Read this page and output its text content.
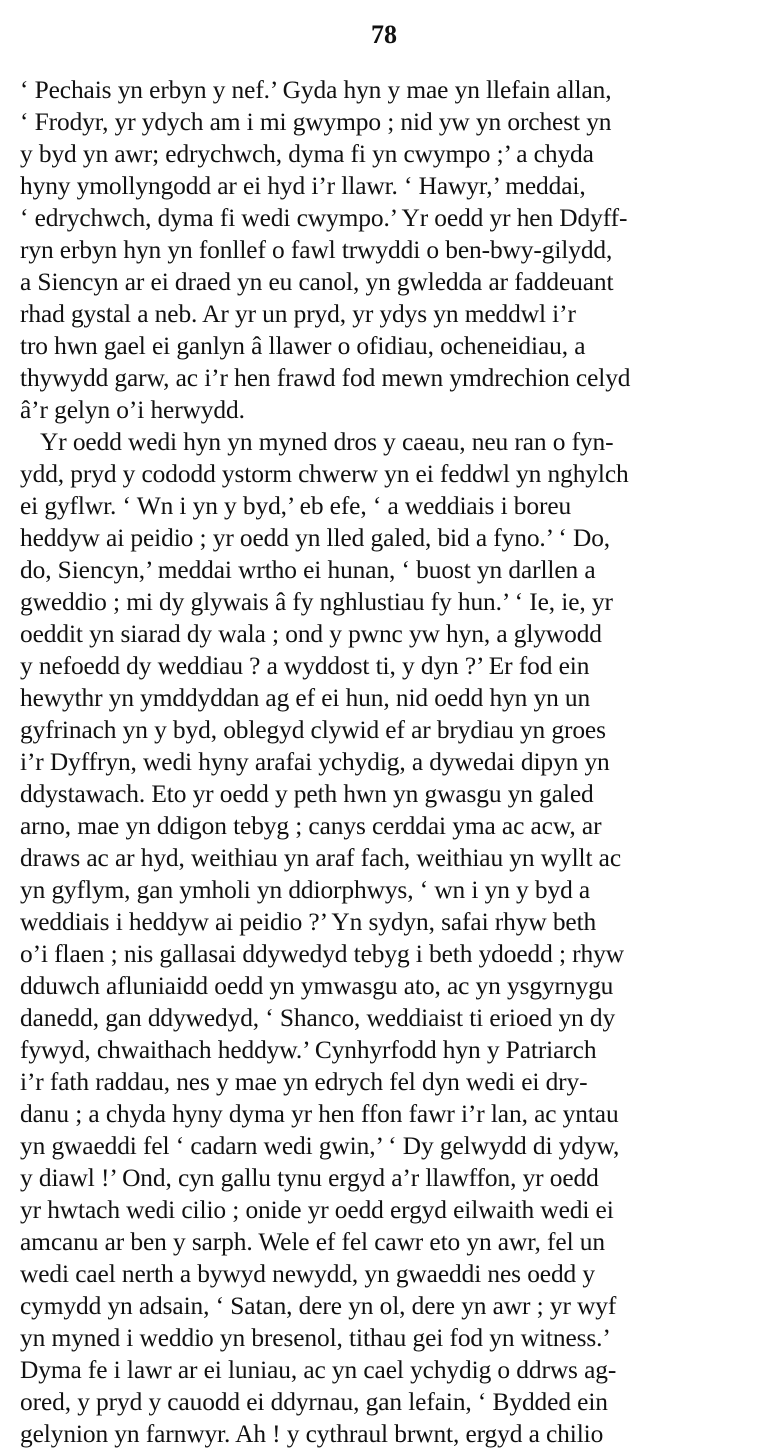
78
‘ Pechais yn erbyn y nef.’ Gyda hyn y mae yn llefain allan,
‘ Frodyr, yr ydych am i mi gwympo ; nid yw yn orchest yn
y byd yn awr; edrychwch, dyma fi yn cwympo ;’ a chyda
hyny ymollyngodd ar ei hyd i’r llawr. ‘ Hawyr,’ meddai,
‘ edrychwch, dyma fi wedi cwympo.’ Yr oedd yr hen Ddyff-
ryn erbyn hyn yn fonllef o fawl trwyddi o ben-bwy-gilydd,
a Siencyn ar ei draed yn eu canol, yn gwledda ar faddeuant
rhad gystal a neb. Ar yr un pryd, yr ydys yn meddwl i’r
tro hwn gael ei ganlyn â llawer o ofidiau, ocheneidiau, a
thywydd garw, ac i’r hen frawd fod mewn ymdrechion celyd
â’r gelyn o’i herwydd.
Yr oedd wedi hyn yn myned dros y caeau, neu ran o fyn-
ydd, pryd y cododd ystorm chwerw yn ei feddwl yn nghylch
ei gyflwr. ‘ Wn i yn y byd,’ eb efe, ‘ a weddiais i boreu
heddyw ai peidio ; yr oedd yn lled galed, bid a fyno.’ ‘ Do,
do, Siencyn,’ meddai wrtho ei hunan, ‘ buost yn darllen a
gweddio ; mi dy glywais â fy nghlustiau fy hun.’ ‘ Ie, ie, yr
oeddit yn siarad dy wala ; ond y pwnc yw hyn, a glywodd
y nefoedd dy weddiau ? a wyddost ti, y dyn ?’ Er fod ein
hewythr yn ymddyddan ag ef ei hun, nid oedd hyn yn un
gyfrinach yn y byd, oblegyd clywid ef ar brydiau yn groes
i’r Dyffryn, wedi hyny arafai ychydig, a dywedai dipyn yn
ddystawach. Eto yr oedd y peth hwn yn gwasgu yn galed
arno, mae yn ddigon tebyg ; canys cerddai yma ac acw, ar
draws ac ar hyd, weithiau yn araf fach, weithiau yn wyllt ac
yn gyflym, gan ymholi yn ddiorphwys, ‘ wn i yn y byd a
weddiais i heddyw ai peidio ?’ Yn sydyn, safai rhyw beth
o’i flaen ; nis gallasai ddywedyd tebyg i beth ydoedd ; rhyw
dduwch afluniaidd oedd yn ymwasgu ato, ac yn ysgyrnygu
danedd, gan ddywedyd, ‘ Shanco, weddiaist ti erioed yn dy
fywyd, chwaithach heddyw.’ Cynhyrfodd hyn y Patriarch
i’r fath raddau, nes y mae yn edrych fel dyn wedi ei dry-
danu ; a chyda hyny dyma yr hen ffon fawr i’r lan, ac yntau
yn gwaeddi fel ‘ cadarn wedi gwin,’ ‘ Dy gelwydd di ydyw,
y diawl !’ Ond, cyn gallu tynu ergyd a’r llawffon, yr oedd
yr hwtach wedi cilio ; onide yr oedd ergyd eilwaith wedi ei
amcanu ar ben y sarph. Wele ef fel cawr eto yn awr, fel un
wedi cael nerth a bywyd newydd, yn gwaeddi nes oedd y
cymydd yn adsain, ‘ Satan, dere yn ol, dere yn awr ; yr wyf
yn myned i weddio yn bresenol, tithau gei fod yn witness.’
Dyma fe i lawr ar ei luniau, ac yn cael ychydig o ddrws ag-
ored, y pryd y cauodd ei ddyrnau, gan lefain, ‘ Bydded ein
gelynion yn farnwyr. Ah ! y cythraul brwnt, ergyd a chilio
